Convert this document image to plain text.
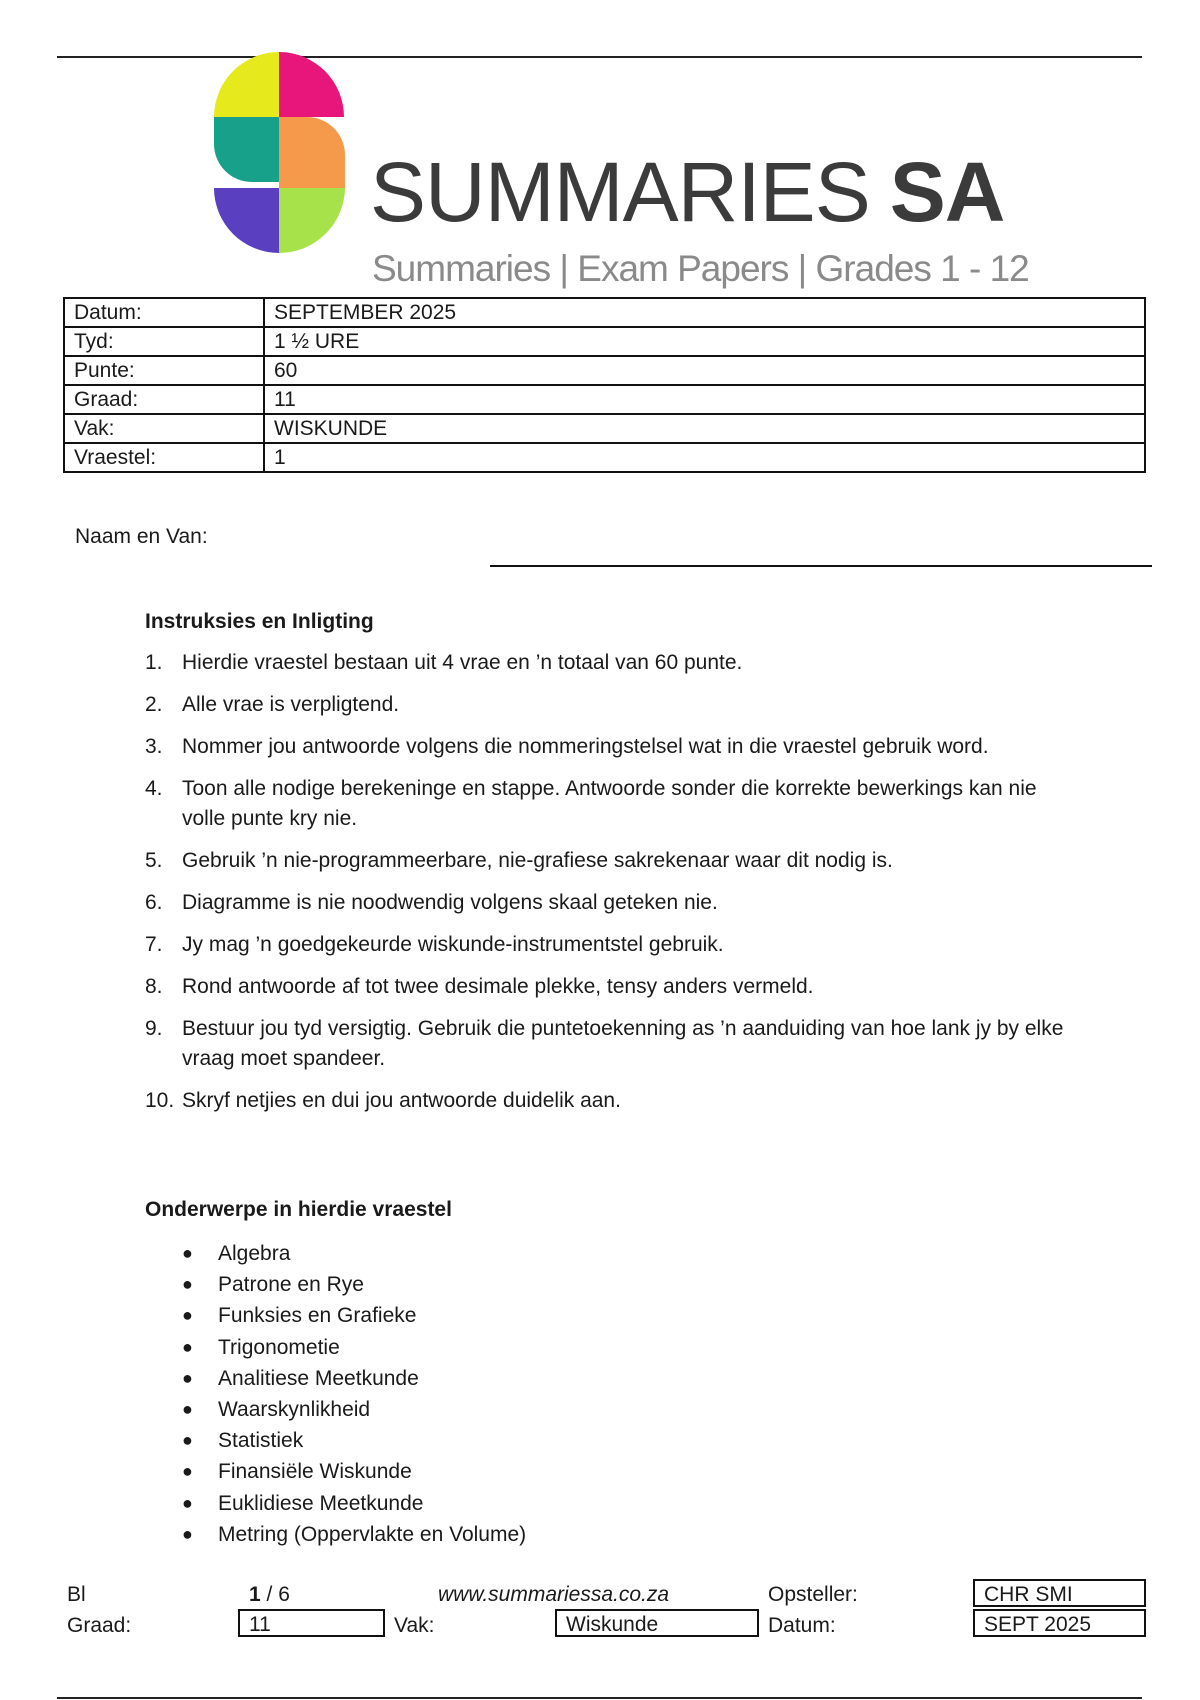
SUMMARIES SA
Summaries | Exam Papers | Grades 1 - 12
Datum:	SEPTEMBER 2025
Tyd:	1 ½ URE
Punte:	60
Graad:	11
Vak:	WISKUNDE
Vraestel:	1
Naam en Van:
Instruksies en Inligting
1. Hierdie vraestel bestaan uit 4 vrae en ’n totaal van 60 punte.
2. Alle vrae is verpligtend.
3. Nommer jou antwoorde volgens die nommeringstelsel wat in die vraestel gebruik word.
4. Toon alle nodige berekeninge en stappe. Antwoorde sonder die korrekte bewerkings kan nie volle punte kry nie.
5. Gebruik ’n nie-programmeerbare, nie-grafiese sakrekenaar waar dit nodig is.
6. Diagramme is nie noodwendig volgens skaal geteken nie.
7. Jy mag ’n goedgekeurde wiskunde-instrumentstel gebruik.
8. Rond antwoorde af tot twee desimale plekke, tensy anders vermeld.
9. Bestuur jou tyd versigtig. Gebruik die puntetoekenning as ’n aanduiding van hoe lank jy by elke vraag moet spandeer.
10. Skryf netjies en dui jou antwoorde duidelik aan.
Onderwerpe in hierdie vraestel
●	Algebra
●	Patrone en Rye
●	Funksies en Grafieke
●	Trigonometie
●	Analitiese Meetkunde
●	Waarskynlikheid
●	Statistiek
●	Finansiële Wiskunde
●	Euklidiese Meetkunde
●	Metring (Oppervlakte en Volume)
Bl	1 / 6	www.summariessa.co.za	Opsteller:	CHR SMI
Graad:	11	Vak:	Wiskunde	Datum:	SEPT 2025
